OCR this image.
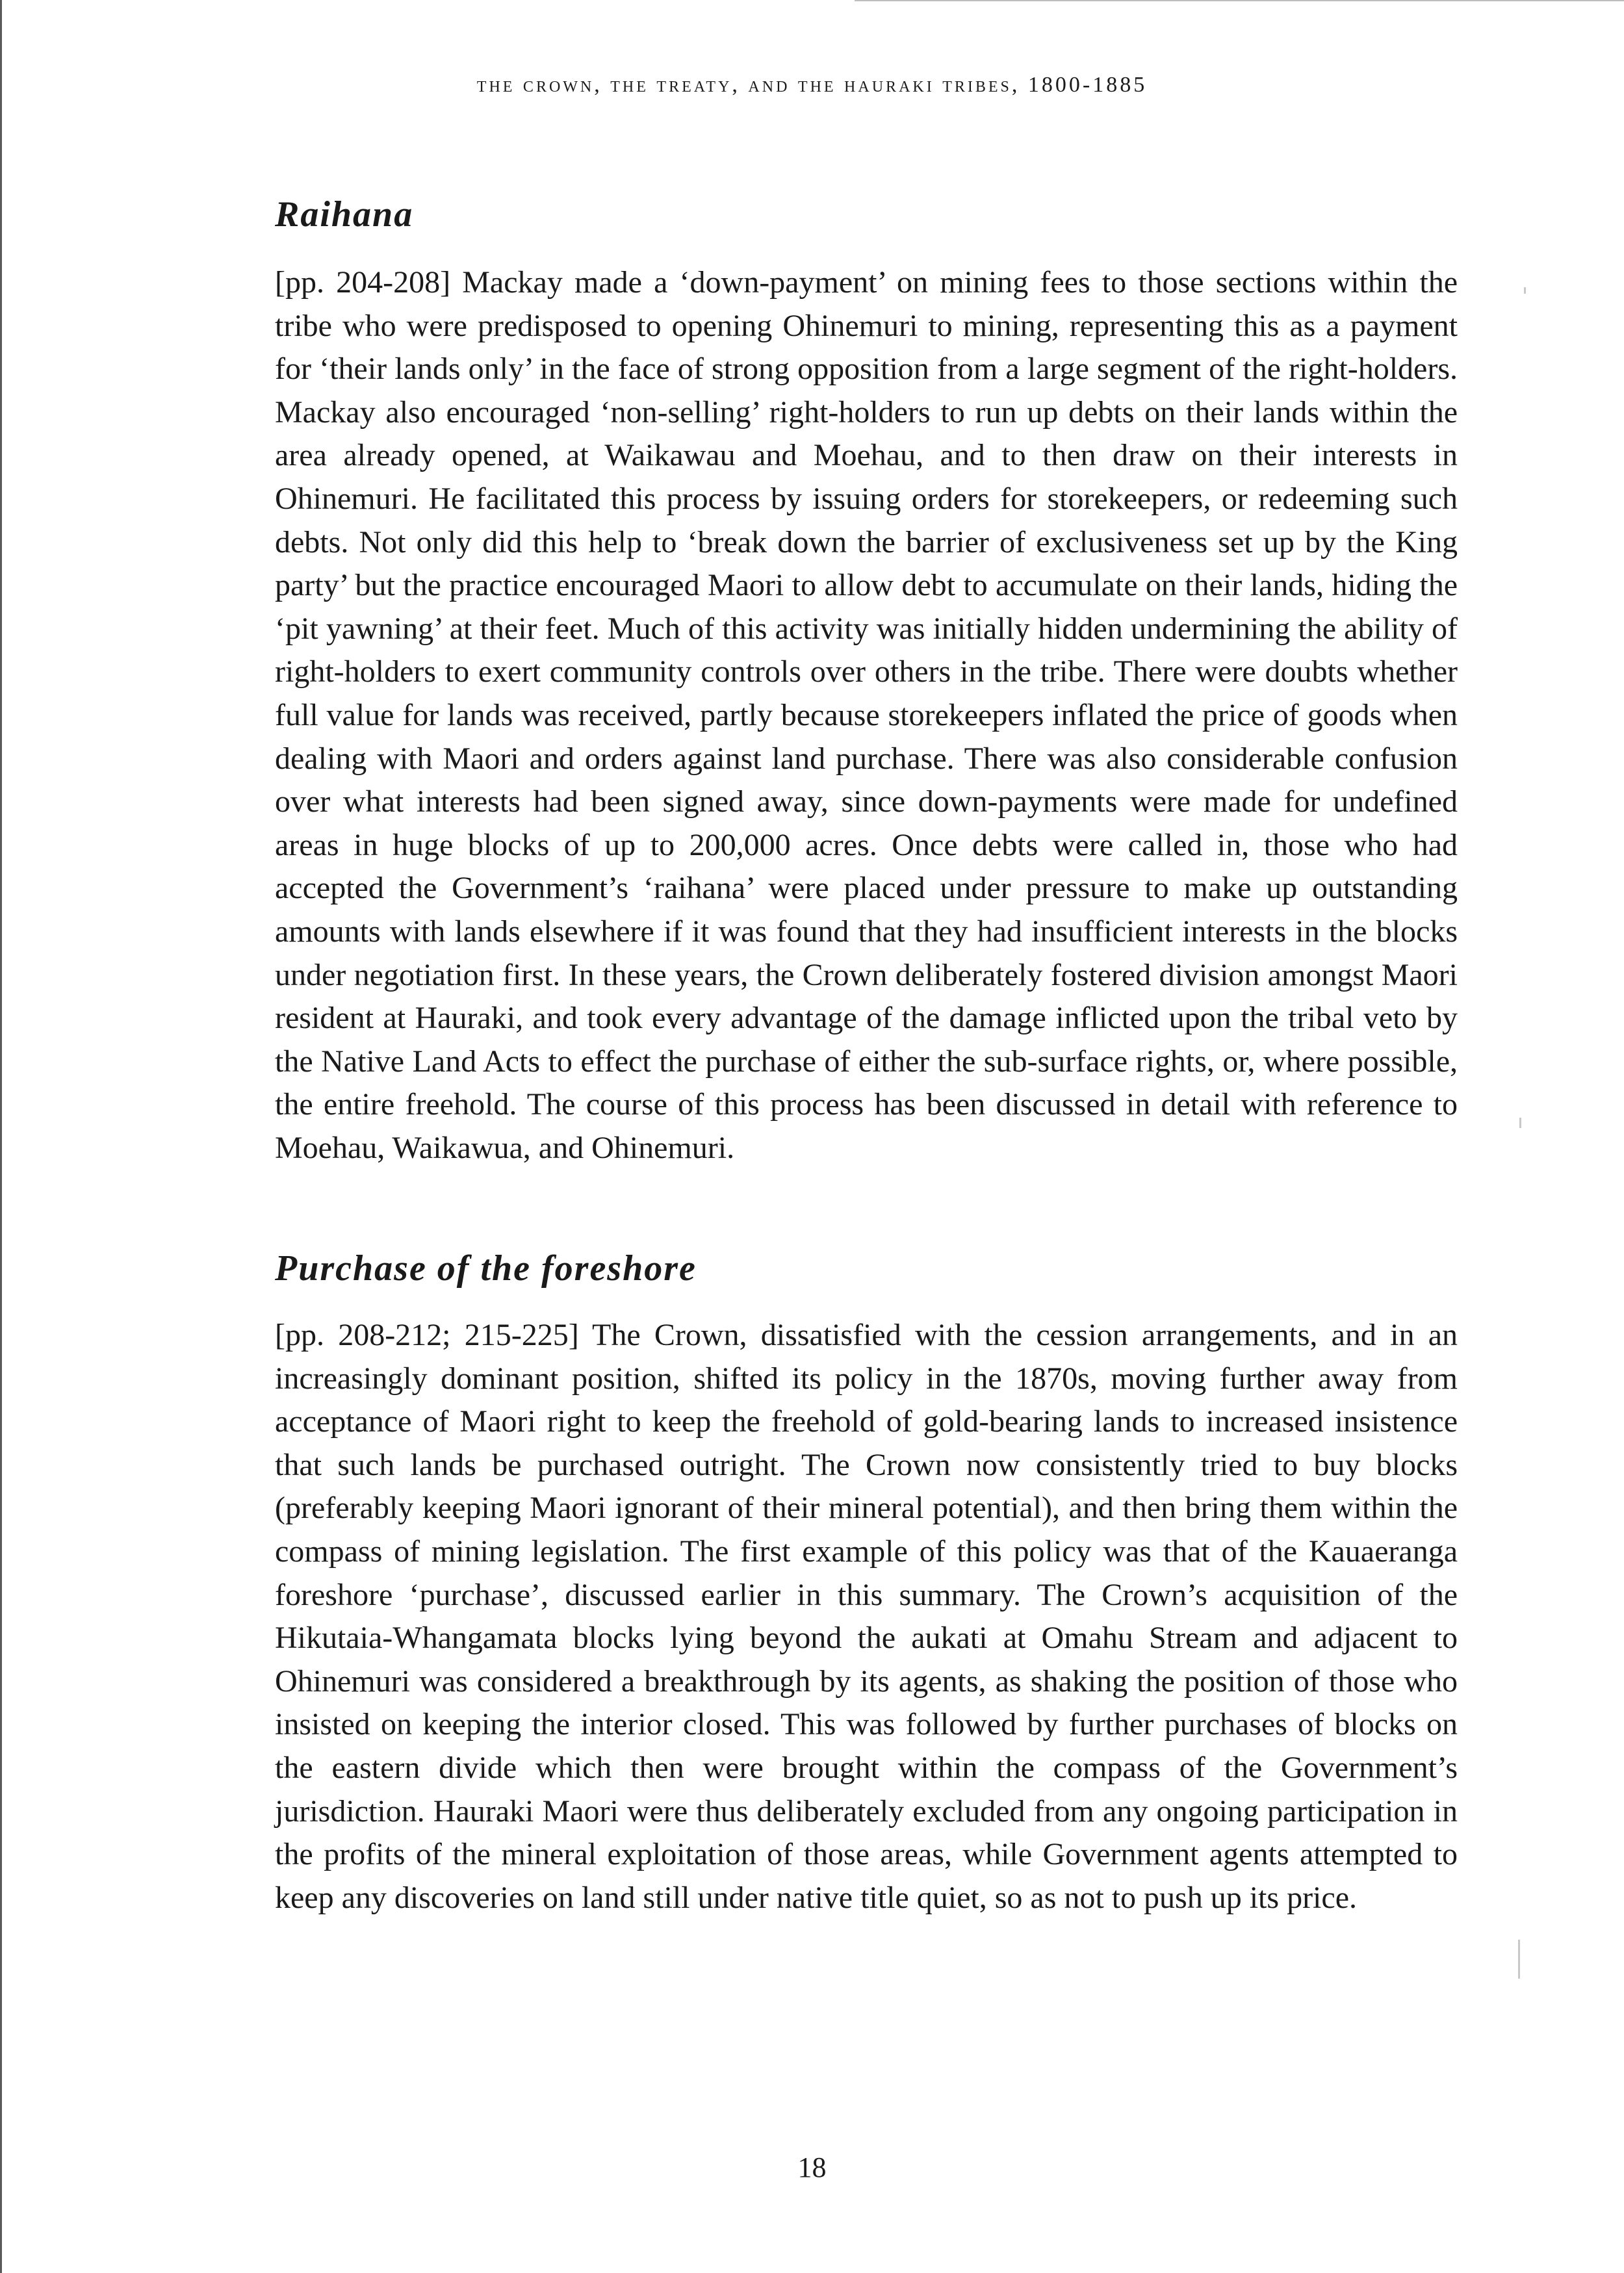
the crown, the treaty, and the hauraki tribes, 1800-1885
Raihana

[pp. 204-208] Mackay made a ‘down-payment’ on mining fees to those sections within the tribe who were predisposed to opening Ohinemuri to mining, representing this as a payment for ‘their lands only’ in the face of strong opposition from a large segment of the right-holders. Mackay also encouraged ‘non-selling’ right-holders to run up debts on their lands within the area already opened, at Waikawau and Moehau, and to then draw on their interests in Ohinemuri. He facilitated this process by issuing orders for storekeepers, or redeeming such debts. Not only did this help to ‘break down the barrier of exclusiveness set up by the King party’ but the practice encouraged Maori to allow debt to accumulate on their lands, hiding the ‘pit yawning’ at their feet. Much of this activity was initially hidden undermining the ability of right-holders to exert community controls over others in the tribe. There were doubts whether full value for lands was received, partly because storekeepers inflated the price of goods when dealing with Maori and orders against land purchase. There was also considerable confusion over what interests had been signed away, since down-payments were made for undefined areas in huge blocks of up to 200,000 acres. Once debts were called in, those who had accepted the Government’s ‘raihana’ were placed under pressure to make up outstanding amounts with lands elsewhere if it was found that they had insufficient interests in the blocks under negotiation first. In these years, the Crown deliberately fostered division amongst Maori resident at Hauraki, and took every advantage of the damage inflicted upon the tribal veto by the Native Land Acts to effect the purchase of either the sub-surface rights, or, where possible, the entire freehold. The course of this process has been discussed in detail with reference to Moehau, Waikawua, and Ohinemuri.

Purchase of the foreshore

[pp. 208-212; 215-225] The Crown, dissatisfied with the cession arrangements, and in an increasingly dominant position, shifted its policy in the 1870s, moving further away from acceptance of Maori right to keep the freehold of gold-bearing lands to increased insistence that such lands be purchased outright. The Crown now consistently tried to buy blocks (preferably keeping Maori ignorant of their mineral potential), and then bring them within the compass of mining legislation. The first example of this policy was that of the Kauaeranga foreshore ‘purchase’, discussed earlier in this summary. The Crown’s acquisition of the Hikutaia-Whangamata blocks lying beyond the aukati at Omahu Stream and adjacent to Ohinemuri was considered a breakthrough by its agents, as shaking the position of those who insisted on keeping the interior closed. This was followed by further purchases of blocks on the eastern divide which then were brought within the compass of the Government’s jurisdiction. Hauraki Maori were thus deliberately excluded from any ongoing participation in the profits of the mineral exploitation of those areas, while Government agents attempted to keep any discoveries on land still under native title quiet, so as not to push up its price.

18
